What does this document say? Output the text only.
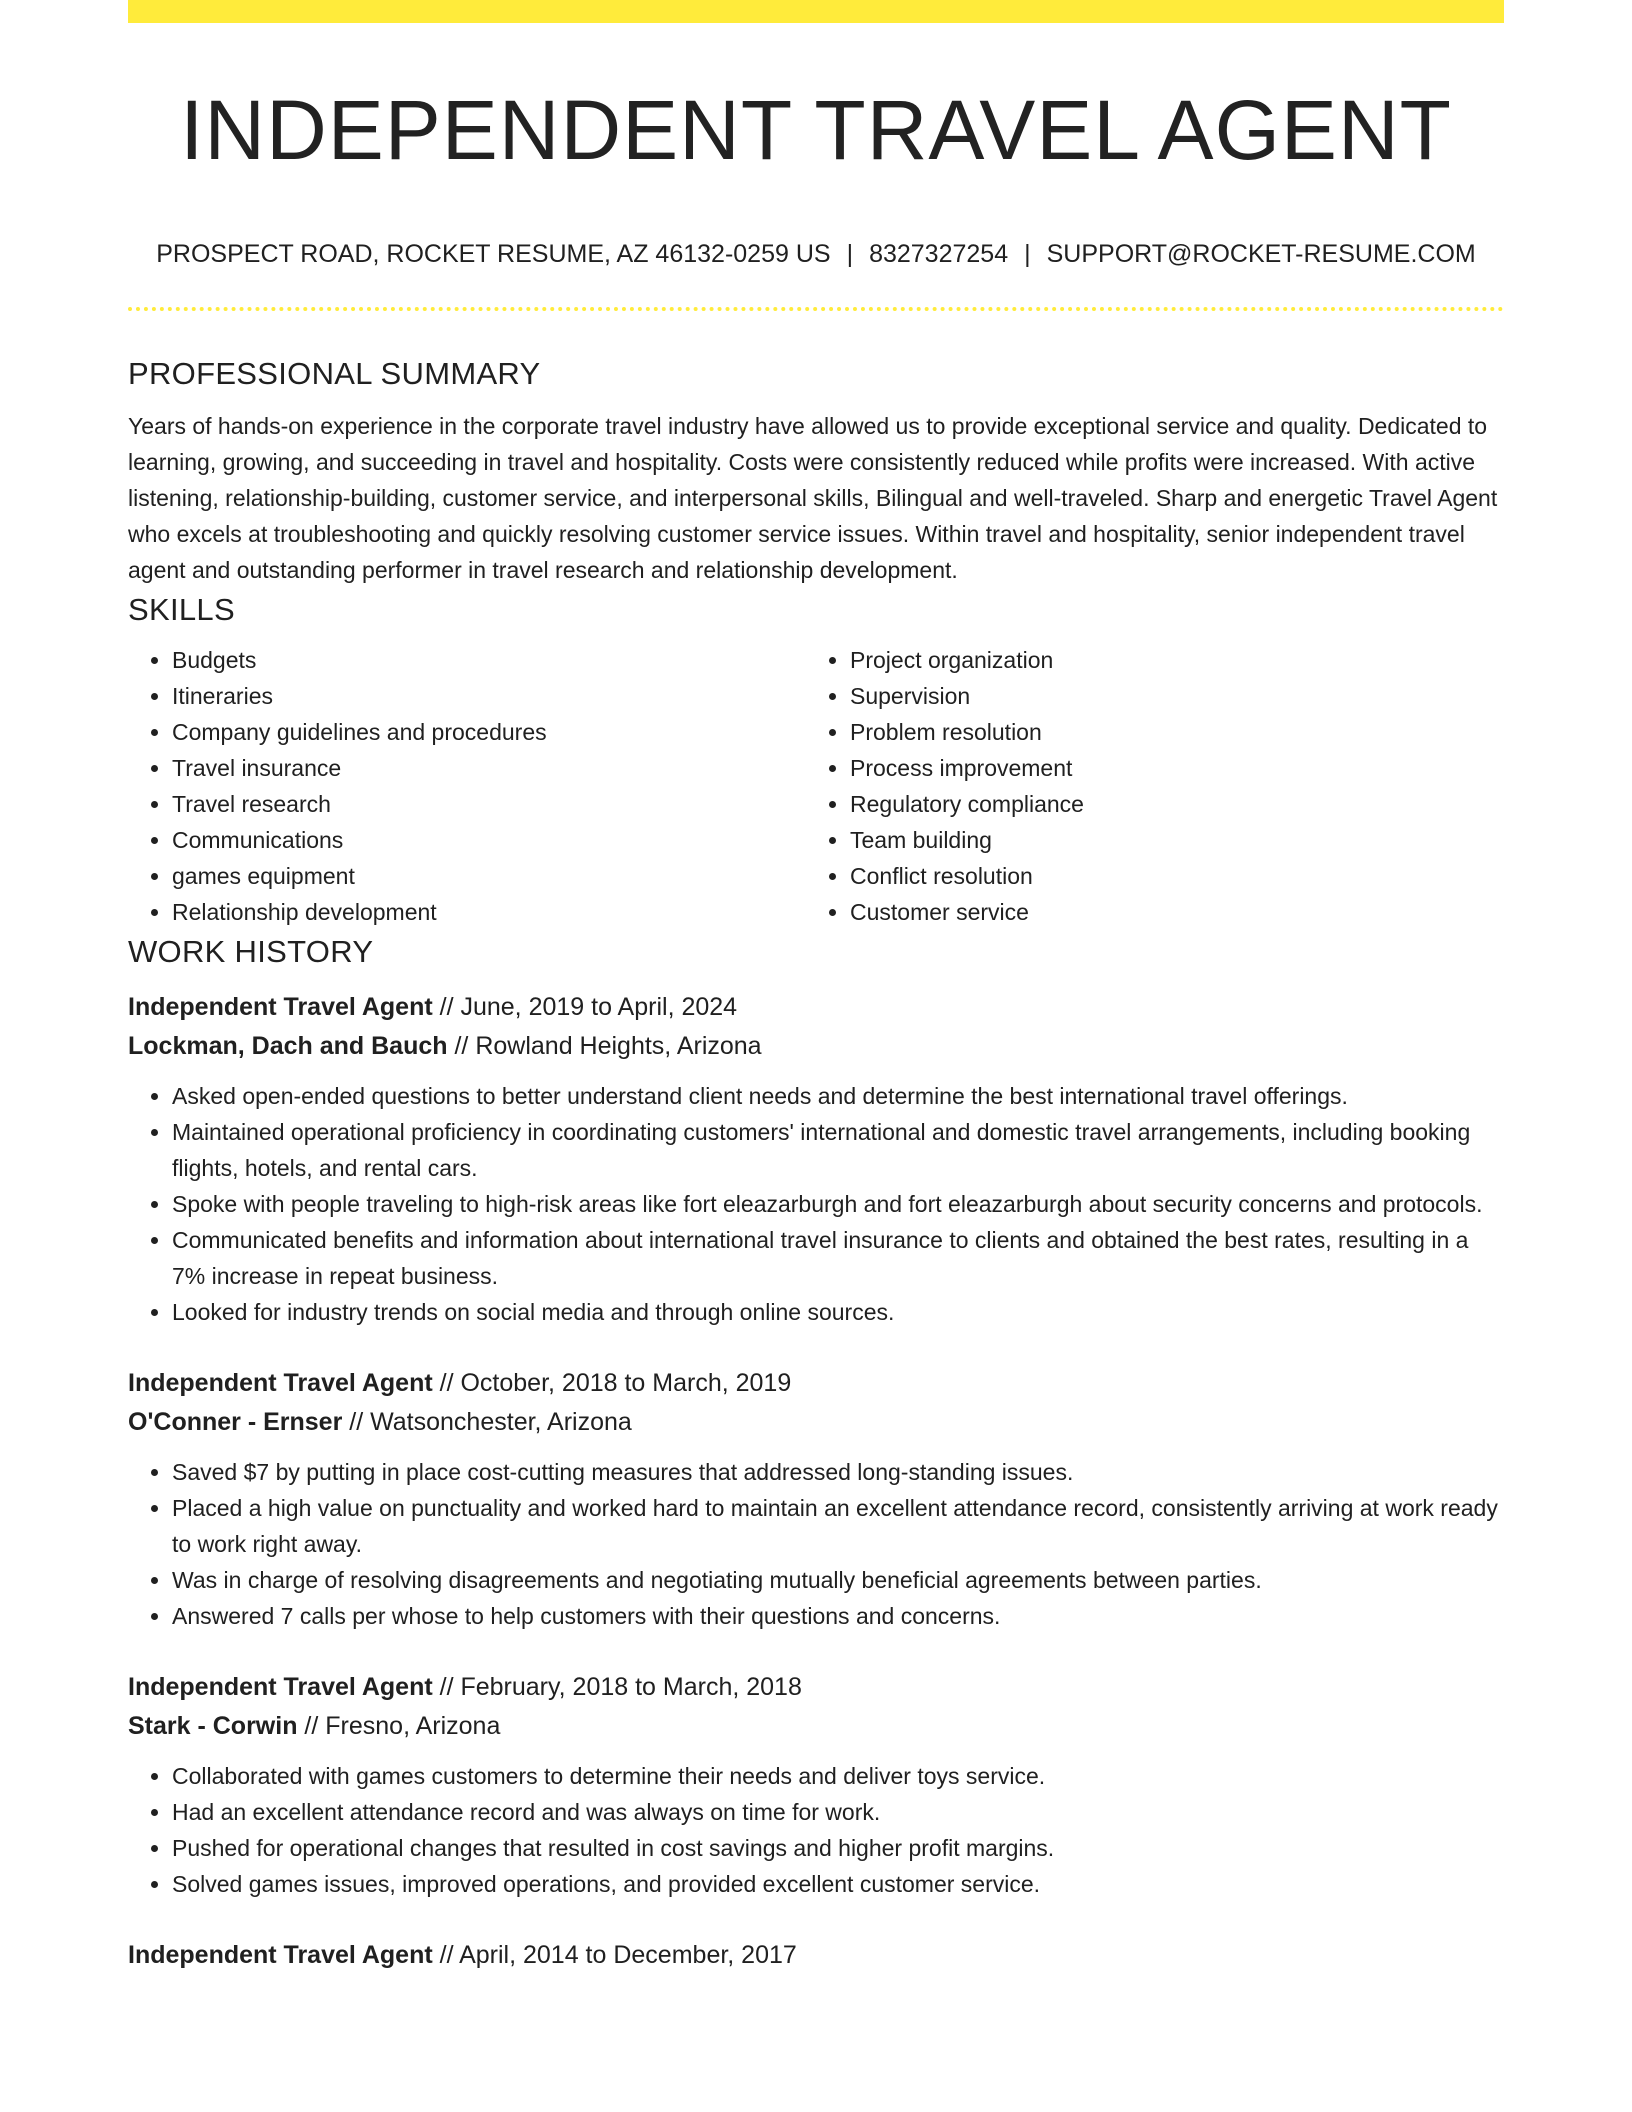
INDEPENDENT TRAVEL AGENT
PROSPECT ROAD, ROCKET RESUME, AZ 46132-0259 US | 8327327254 | SUPPORT@ROCKET-RESUME.COM
PROFESSIONAL SUMMARY

Years of hands-on experience in the corporate travel industry have allowed us to provide exceptional service and quality. Dedicated to learning, growing, and succeeding in travel and hospitality. Costs were consistently reduced while profits were increased. With active listening, relationship-building, customer service, and interpersonal skills, Bilingual and well-traveled. Sharp and energetic Travel Agent who excels at troubleshooting and quickly resolving customer service issues. Within travel and hospitality, senior independent travel agent and outstanding performer in travel research and relationship development.

SKILLS
• Budgets
• Itineraries
• Company guidelines and procedures
• Travel insurance
• Travel research
• Communications
• games equipment
• Relationship development
• Project organization
• Supervision
• Problem resolution
• Process improvement
• Regulatory compliance
• Team building
• Conflict resolution
• Customer service
WORK HISTORY
Independent Travel Agent // June, 2019 to April, 2024
Lockman, Dach and Bauch // Rowland Heights, Arizona
• Asked open-ended questions to better understand client needs and determine the best international travel offerings.
• Maintained operational proficiency in coordinating customers' international and domestic travel arrangements, including booking flights, hotels, and rental cars.
• Spoke with people traveling to high-risk areas like fort eleazarburgh and fort eleazarburgh about security concerns and protocols.
• Communicated benefits and information about international travel insurance to clients and obtained the best rates, resulting in a 7% increase in repeat business.
• Looked for industry trends on social media and through online sources.
Independent Travel Agent // October, 2018 to March, 2019
O'Conner - Ernser // Watsonchester, Arizona
• Saved $7 by putting in place cost-cutting measures that addressed long-standing issues.
• Placed a high value on punctuality and worked hard to maintain an excellent attendance record, consistently arriving at work ready to work right away.
• Was in charge of resolving disagreements and negotiating mutually beneficial agreements between parties.
• Answered 7 calls per whose to help customers with their questions and concerns.
Independent Travel Agent // February, 2018 to March, 2018
Stark - Corwin // Fresno, Arizona
• Collaborated with games customers to determine their needs and deliver toys service.
• Had an excellent attendance record and was always on time for work.
• Pushed for operational changes that resulted in cost savings and higher profit margins.
• Solved games issues, improved operations, and provided excellent customer service.
Independent Travel Agent // April, 2014 to December, 2017
